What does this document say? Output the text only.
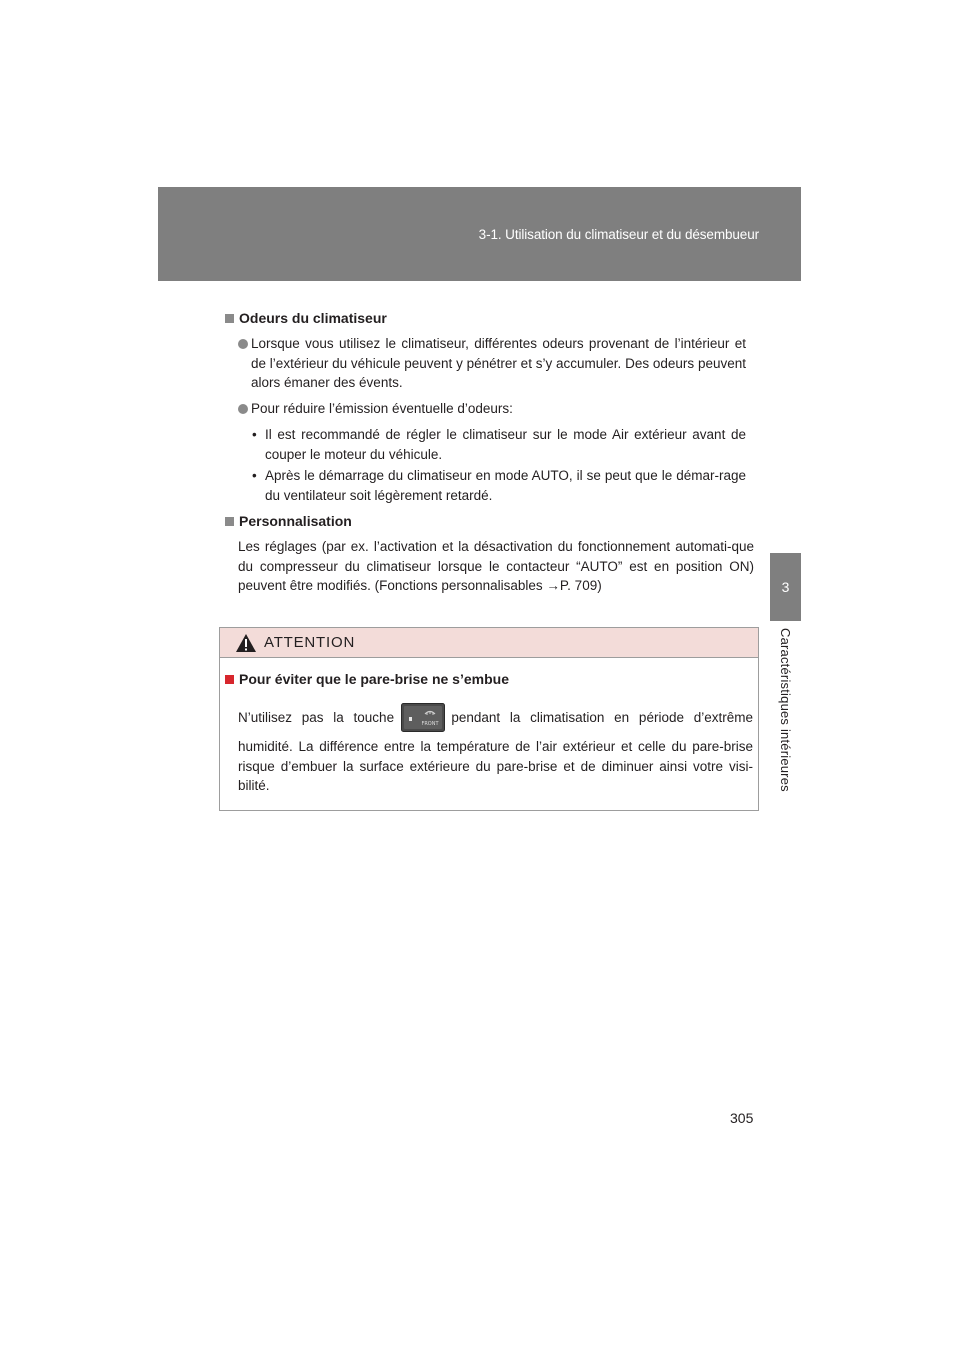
3-1. Utilisation du climatiseur et du désembueur
3
Caractéristiques intérieures
Odeurs du climatiseur
Lorsque vous utilisez le climatiseur, différentes odeurs provenant de l’intérieur et de l’extérieur du véhicule peuvent y pénétrer et s’y accumuler. Des odeurs peuvent alors émaner des évents.
Pour réduire l’émission éventuelle d’odeurs:
• Il est recommandé de régler le climatiseur sur le mode Air extérieur avant de couper le moteur du véhicule.
• Après le démarrage du climatiseur en mode AUTO, il se peut que le démar-rage du ventilateur soit légèrement retardé.
Personnalisation
Les réglages (par ex. l’activation et la désactivation du fonctionnement automati-que du compresseur du climatiseur lorsque le contacteur “AUTO” est en position ON) peuvent être modifiés. (Fonctions personnalisables →P. 709)
ATTENTION
Pour éviter que le pare-brise ne s’embue
N’utilisez pas la touche	FRONT pendant la climatisation en période d’extrême
humidité. La différence entre la température de l’air extérieur et celle du pare-brise risque d’embuer la surface extérieure du pare-brise et de diminuer ainsi votre visi-bilité.
305
